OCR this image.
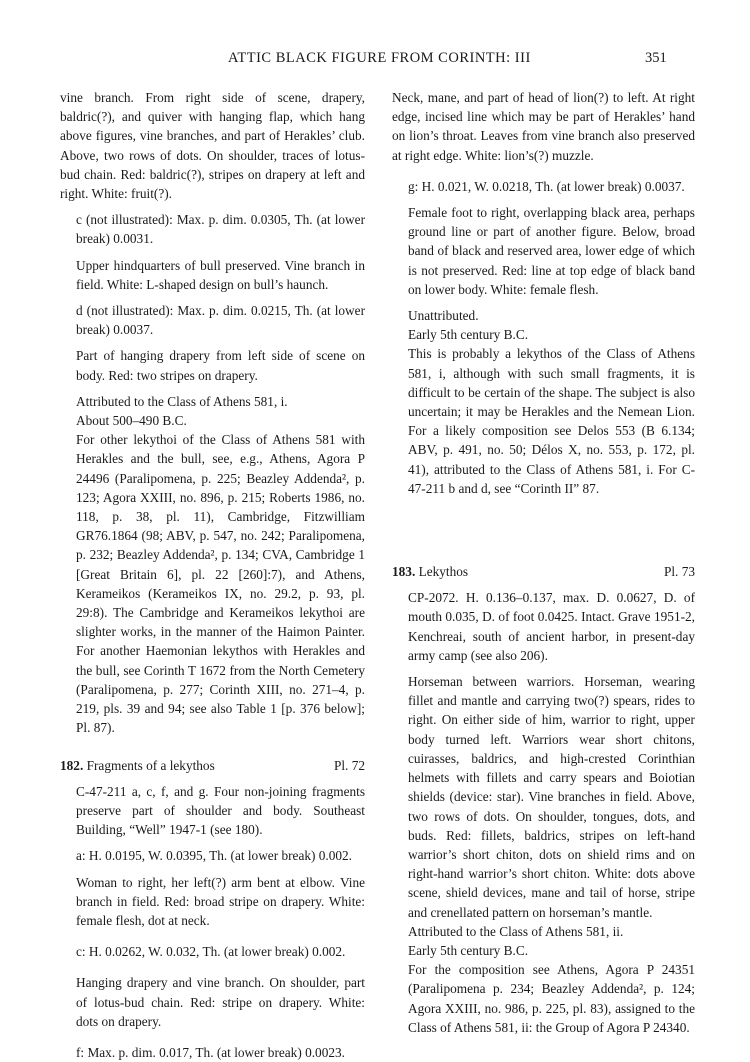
ATTIC BLACK FIGURE FROM CORINTH: III	351

vine branch. From right side of scene, drapery, baldric(?), and quiver with hanging flap, which hang above figures, vine branches, and part of Herakles’ club. Above, two rows of dots. On shoulder, traces of lotus-bud chain. Red: baldric(?), stripes on drapery at left and right. White: fruit(?).

c (not illustrated): Max. p. dim. 0.0305, Th. (at lower break) 0.0031.

Upper hindquarters of bull preserved. Vine branch in field. White: L-shaped design on bull’s haunch.

d (not illustrated): Max. p. dim. 0.0215, Th. (at lower break) 0.0037.

Part of hanging drapery from left side of scene on body. Red: two stripes on drapery.

Attributed to the Class of Athens 581, i.

About 500–490 B.C.

For other lekythoi of the Class of Athens 581 with Herakles and the bull, see, e.g., Athens, Agora P 24496 (Paralipomena, p. 225; Beazley Addenda², p. 123; Agora XXIII, no. 896, p. 215; Roberts 1986, no. 118, p. 38, pl. 11), Cambridge, Fitzwilliam GR76.1864 (98; ABV, p. 547, no. 242; Paralipomena, p. 232; Beazley Addenda², p. 134; CVA, Cambridge 1 [Great Britain 6], pl. 22 [260]:7), and Athens, Kerameikos (Kerameikos IX, no. 29.2, p. 93, pl. 29:8). The Cambridge and Kerameikos lekythoi are slighter works, in the manner of the Haimon Painter. For another Haemonian lekythos with Herakles and the bull, see Corinth T 1672 from the North Cemetery (Paralipomena, p. 277; Corinth XIII, no. 271–4, p. 219, pls. 39 and 94; see also Table 1 [p. 376 below]; Pl. 87).

182. Fragments of a lekythos	Pl. 72

C-47-211 a, c, f, and g. Four non-joining fragments preserve part of shoulder and body. Southeast Building, “Well” 1947-1 (see 180).

a: H. 0.0195, W. 0.0395, Th. (at lower break) 0.002.

Woman to right, her left(?) arm bent at elbow. Vine branch in field. Red: broad stripe on drapery. White: female flesh, dot at neck.

c: H. 0.0262, W. 0.032, Th. (at lower break) 0.002.

Hanging drapery and vine branch. On shoulder, part of lotus-bud chain. Red: stripe on drapery. White: dots on drapery.

f: Max. p. dim. 0.017, Th. (at lower break) 0.0023.

Neck, mane, and part of head of lion(?) to left. At right edge, incised line which may be part of Herakles’ hand on lion’s throat. Leaves from vine branch also preserved at right edge. White: lion’s(?) muzzle.

g: H. 0.021, W. 0.0218, Th. (at lower break) 0.0037.

Female foot to right, overlapping black area, perhaps ground line or part of another figure. Below, broad band of black and reserved area, lower edge of which is not preserved. Red: line at top edge of black band on lower body. White: female flesh.

Unattributed.

Early 5th century B.C.

This is probably a lekythos of the Class of Athens 581, i, although with such small fragments, it is difficult to be certain of the shape. The subject is also uncertain; it may be Herakles and the Nemean Lion. For a likely composition see Delos 553 (B 6.134; ABV, p. 491, no. 50; Délos X, no. 553, p. 172, pl. 41), attributed to the Class of Athens 581, i. For C-47-211 b and d, see “Corinth II” 87.

183. Lekythos	Pl. 73

CP-2072. H. 0.136–0.137, max. D. 0.0627, D. of mouth 0.035, D. of foot 0.0425. Intact. Grave 1951-2, Kenchreai, south of ancient harbor, in present-day army camp (see also 206).

Horseman between warriors. Horseman, wearing fillet and mantle and carrying two(?) spears, rides to right. On either side of him, warrior to right, upper body turned left. Warriors wear short chitons, cuirasses, baldrics, and high-crested Corinthian helmets with fillets and carry spears and Boiotian shields (device: star). Vine branches in field. Above, two rows of dots. On shoulder, tongues, dots, and buds. Red: fillets, baldrics, stripes on left-hand warrior’s short chiton, dots on shield rims and on right-hand warrior’s short chiton. White: dots above scene, shield devices, mane and tail of horse, stripe and crenellated pattern on horseman’s mantle.

Attributed to the Class of Athens 581, ii.

Early 5th century B.C.

For the composition see Athens, Agora P 24351 (Paralipomena p. 234; Beazley Addenda², p. 124; Agora XXIII, no. 986, p. 225, pl. 83), assigned to the Class of Athens 581, ii: the Group of Agora P 24340.
